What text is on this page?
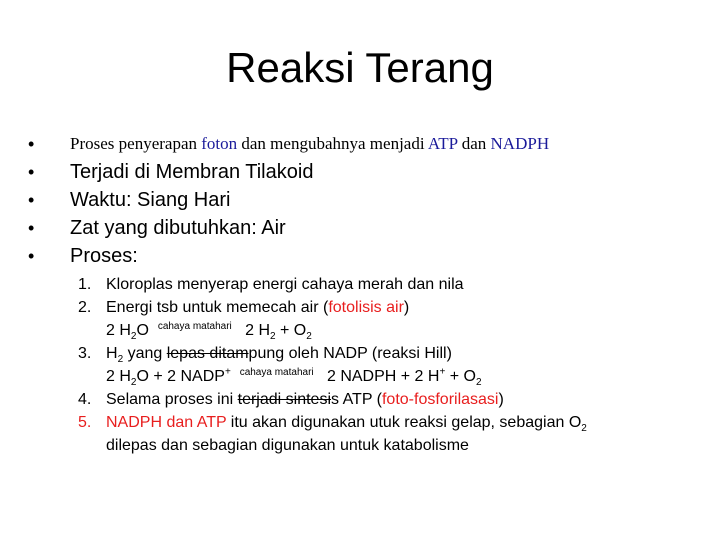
Reaksi Terang
•	Proses penyerapan foton dan mengubahnya menjadi ATP dan NADPH
•	Terjadi di Membran Tilakoid
•	Waktu: Siang Hari
•	Zat yang dibutuhkan: Air
•	Proses:
1. Kloroplas menyerap energi cahaya merah dan nila
2. Energi tsb untuk memecah air (fotolisis air)
2 $H_2O$ $^{cahaya matahari}$ 2 $H_2 + O_2$
3. $H_2$ yang lepas ditampung oleh NADP (reaksi Hill)
2 $H_2O + 2$ NADP+ $^{cahaya matahari}$ 2 NADPH + 2 $H^+ + O_2$
4. Selama proses ini terjadi sintesis ATP (foto-fosforilasasi)
5. NADPH dan ATP itu akan digunakan utuk reaksi gelap, sebagian $O_2$
dilepas dan sebagian digunakan untuk katabolisme
